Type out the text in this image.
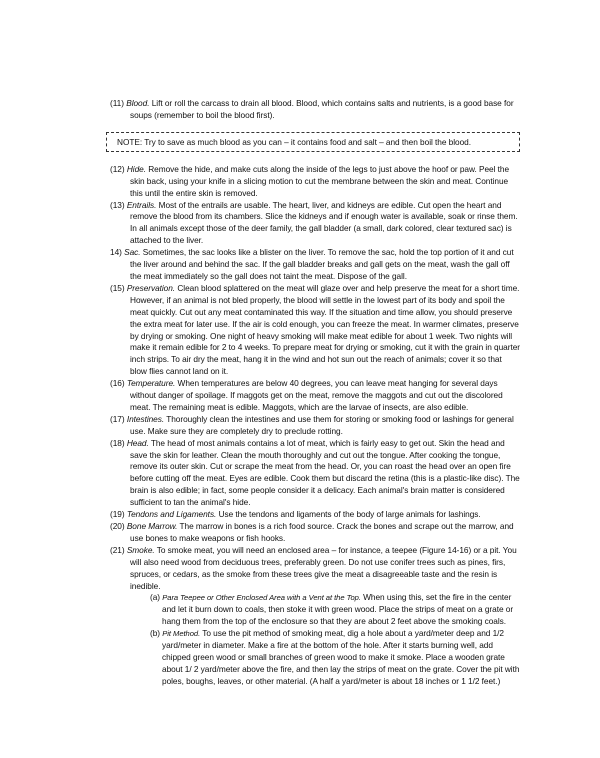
(11) Blood. Lift or roll the carcass to drain all blood. Blood, which contains salts and nutrients, is a good base for soups (remember to boil the blood first).

NOTE: Try to save as much blood as you can – it contains food and salt – and then boil the blood.

(12) Hide. Remove the hide, and make cuts along the inside of the legs to just above the hoof or paw. Peel the skin back, using your knife in a slicing motion to cut the membrane between the skin and meat. Continue this until the entire skin is removed.

(13) Entrails. Most of the entrails are usable. The heart, liver, and kidneys are edible. Cut open the heart and remove the blood from its chambers. Slice the kidneys and if enough water is available, soak or rinse them. In all animals except those of the deer family, the gall bladder (a small, dark colored, clear textured sac) is attached to the liver.

14) Sac. Sometimes, the sac looks like a blister on the liver. To remove the sac, hold the top portion of it and cut the liver around and behind the sac. If the gall bladder breaks and gall gets on the meat, wash the gall off the meat immediately so the gall does not taint the meat. Dispose of the gall.

(15) Preservation. Clean blood splattered on the meat will glaze over and help preserve the meat for a short time. However, if an animal is not bled properly, the blood will settle in the lowest part of its body and spoil the meat quickly. Cut out any meat contaminated this way. If the situation and time allow, you should preserve the extra meat for later use. If the air is cold enough, you can freeze the meat. In warmer climates, preserve by drying or smoking. One night of heavy smoking will make meat edible for about 1 week. Two nights will make it remain edible for 2 to 4 weeks. To prepare meat for drying or smoking, cut it with the grain in quarter inch strips. To air dry the meat, hang it in the wind and hot sun out the reach of animals; cover it so that blow flies cannot land on it.

(16) Temperature. When temperatures are below 40 degrees, you can leave meat hanging for several days without danger of spoilage. If maggots get on the meat, remove the maggots and cut out the discolored meat. The remaining meat is edible. Maggots, which are the larvae of insects, are also edible.

(17) Intestines. Thoroughly clean the intestines and use them for storing or smoking food or lashings for general use. Make sure they are completely dry to preclude rotting.

(18) Head. The head of most animals contains a lot of meat, which is fairly easy to get out. Skin the head and save the skin for leather. Clean the mouth thoroughly and cut out the tongue. After cooking the tongue, remove its outer skin. Cut or scrape the meat from the head. Or, you can roast the head over an open fire before cutting off the meat. Eyes are edible. Cook them but discard the retina (this is a plastic-like disc). The brain is also edible; in fact, some people consider it a delicacy. Each animal's brain matter is considered sufficient to tan the animal's hide.

(19) Tendons and Ligaments. Use the tendons and ligaments of the body of large animals for lashings.

(20) Bone Marrow. The marrow in bones is a rich food source. Crack the bones and scrape out the marrow, and use bones to make weapons or fish hooks.

(21) Smoke. To smoke meat, you will need an enclosed area – for instance, a teepee (Figure 14-16) or a pit. You will also need wood from deciduous trees, preferably green. Do not use conifer trees such as pines, firs, spruces, or cedars, as the smoke from these trees give the meat a disagreeable taste and the resin is inedible.

(a) Para Teepee or Other Enclosed Area with a Vent at the Top. When using this, set the fire in the center and let it burn down to coals, then stoke it with green wood. Place the strips of meat on a grate or hang them from the top of the enclosure so that they are about 2 feet above the smoking coals.

(b) Pit Method. To use the pit method of smoking meat, dig a hole about a yard/meter deep and 1/2 yard/meter in diameter. Make a fire at the bottom of the hole. After it starts burning well, add chipped green wood or small branches of green wood to make it smoke. Place a wooden grate about 1/ 2 yard/meter above the fire, and then lay the strips of meat on the grate. Cover the pit with poles, boughs, leaves, or other material. (A half a yard/meter is about 18 inches or 1 1/2 feet.)
